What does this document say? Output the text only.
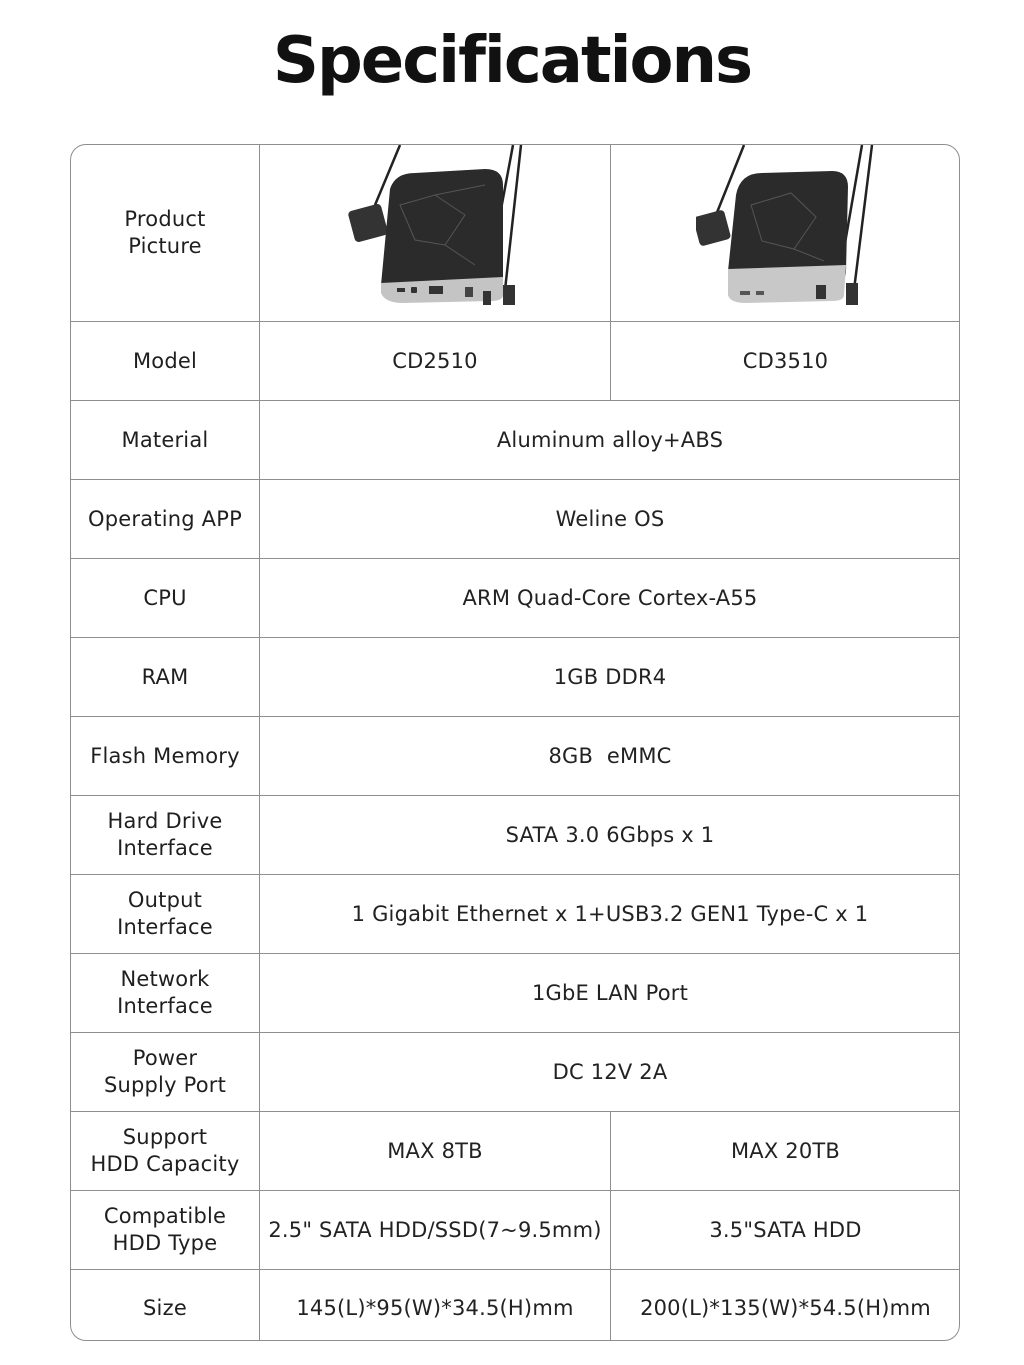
Specifications
Product
Picture

Model	CD2510	CD3510
Material	Aluminum alloy+ABS	
Operating APP	Weline OS	
CPU	ARM Quad-Core Cortex-A55	
RAM	1GB DDR4	
Flash Memory	8GB  eMMC	

Hard Drive
Interface	SATA 3.0 6Gbps x 1	

Output
Interface	1 Gigabit Ethernet x 1+USB3.2 GEN1 Type-C x 1	

Network
Interface	1GbE LAN Port	

Power
Supply Port	DC 12V 2A	

Support
HDD Capacity	MAX 8TB	MAX 20TB

Compatible
HDD Type	2.5" SATA HDD/SSD(7~9.5mm)	3.5"SATA HDD
Size	145(L)*95(W)*34.5(H)mm	200(L)*135(W)*54.5(H)mm
